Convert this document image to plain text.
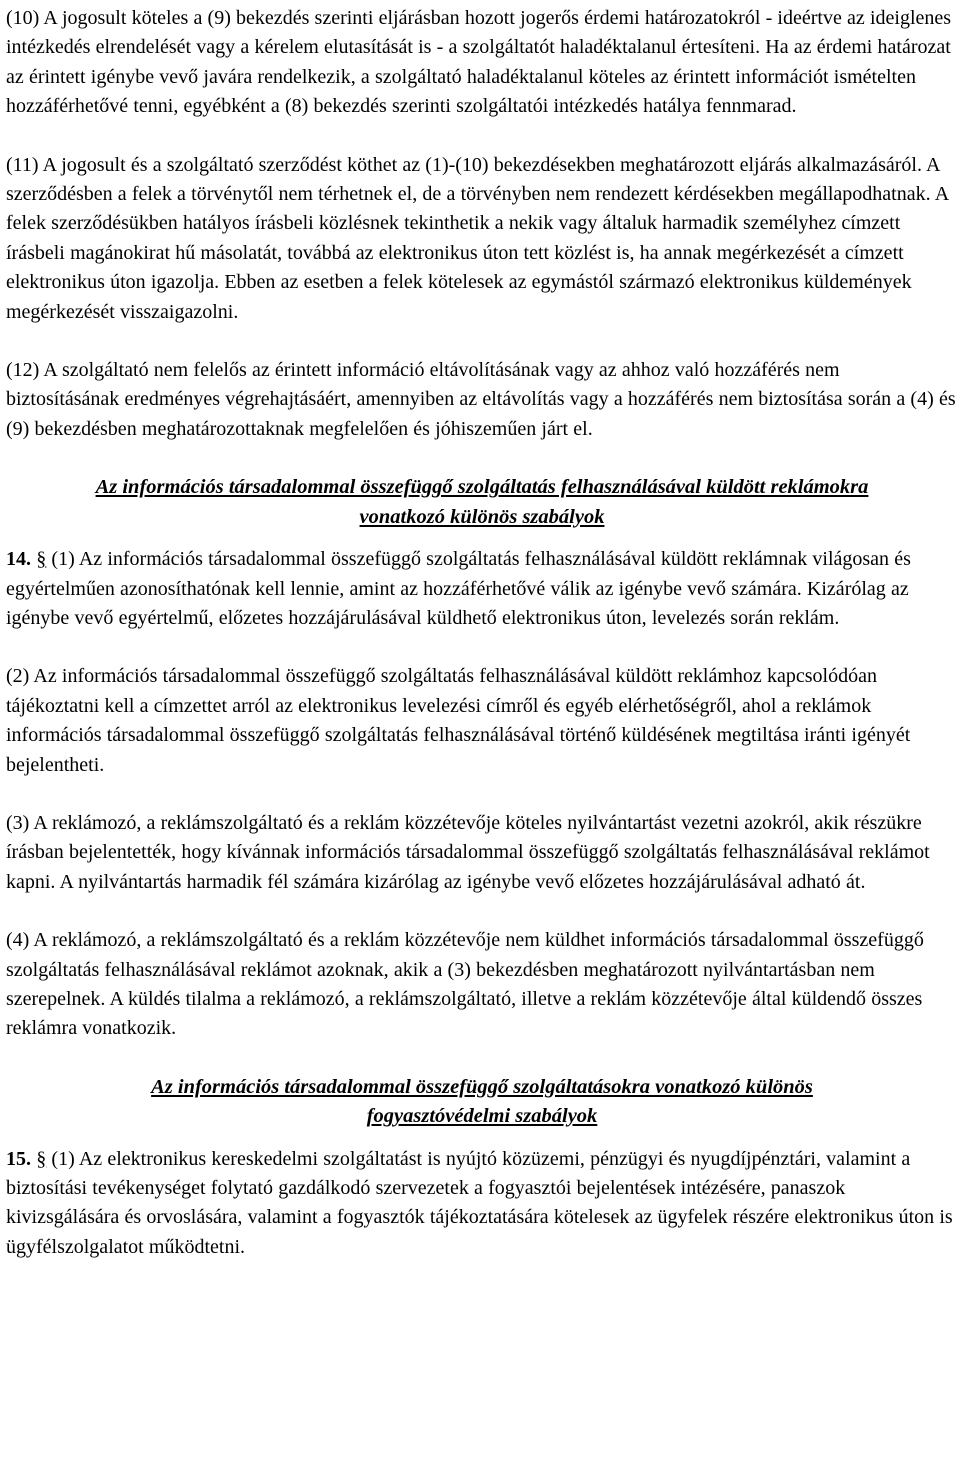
(10) A jogosult köteles a (9) bekezdés szerinti eljárásban hozott jogerős érdemi határozatokról - ideértve az ideiglenes intézkedés elrendelését vagy a kérelem elutasítását is - a szolgáltatót haladéktalanul értesíteni. Ha az érdemi határozat az érintett igénybe vevő javára rendelkezik, a szolgáltató haladéktalanul köteles az érintett információt ismételten hozzáférhetővé tenni, egyébként a (8) bekezdés szerinti szolgáltatói intézkedés hatálya fennmarad.

(11) A jogosult és a szolgáltató szerződést köthet az (1)-(10) bekezdésekben meghatározott eljárás alkalmazásáról. A szerződésben a felek a törvénytől nem térhetnek el, de a törvényben nem rendezett kérdésekben megállapodhatnak. A felek szerződésükben hatályos írásbeli közlésnek tekinthetik a nekik vagy általuk harmadik személyhez címzett írásbeli magánokirat hű másolatát, továbbá az elektronikus úton tett közlést is, ha annak megérkezését a címzett elektronikus úton igazolja. Ebben az esetben a felek kötelesek az egymástól származó elektronikus küldemények megérkezését visszaigazolni.

(12) A szolgáltató nem felelős az érintett információ eltávolításának vagy az ahhoz való hozzáférés nem biztosításának eredményes végrehajtásáért, amennyiben az eltávolítás vagy a hozzáférés nem biztosítása során a (4) és (9) bekezdésben meghatározottaknak megfelelően és jóhiszeműen járt el.

Az információs társadalommal összefüggő szolgáltatás felhasználásával küldött reklámokra
vonatkozó különös szabályok

14. § (1) Az információs társadalommal összefüggő szolgáltatás felhasználásával küldött reklámnak világosan és egyértelműen azonosíthatónak kell lennie, amint az hozzáférhetővé válik az igénybe vevő számára. Kizárólag az igénybe vevő egyértelmű, előzetes hozzájárulásával küldhető elektronikus úton, levelezés során reklám.

(2) Az információs társadalommal összefüggő szolgáltatás felhasználásával küldött reklámhoz kapcsolódóan tájékoztatni kell a címzettet arról az elektronikus levelezési címről és egyéb elérhetőségről, ahol a reklámok információs társadalommal összefüggő szolgáltatás felhasználásával történő küldésének megtiltása iránti igényét bejelentheti.

(3) A reklámozó, a reklámszolgáltató és a reklám közzétevője köteles nyilvántartást vezetni azokról, akik részükre írásban bejelentették, hogy kívánnak információs társadalommal összefüggő szolgáltatás felhasználásával reklámot kapni. A nyilvántartás harmadik fél számára kizárólag az igénybe vevő előzetes hozzájárulásával adható át.

(4) A reklámozó, a reklámszolgáltató és a reklám közzétevője nem küldhet információs társadalommal összefüggő szolgáltatás felhasználásával reklámot azoknak, akik a (3) bekezdésben meghatározott nyilvántartásban nem szerepelnek. A küldés tilalma a reklámozó, a reklámszolgáltató, illetve a reklám közzétevője által küldendő összes reklámra vonatkozik.

Az információs társadalommal összefüggő szolgáltatásokra vonatkozó különös
fogyasztóvédelmi szabályok

15. § (1) Az elektronikus kereskedelmi szolgáltatást is nyújtó közüzemi, pénzügyi és nyugdíjpénztári, valamint a biztosítási tevékenységet folytató gazdálkodó szervezetek a fogyasztói bejelentések intézésére, panaszok kivizsgálására és orvoslására, valamint a fogyasztók tájékoztatására kötelesek az ügyfelek részére elektronikus úton is ügyfélszolgalatot működtetni.
